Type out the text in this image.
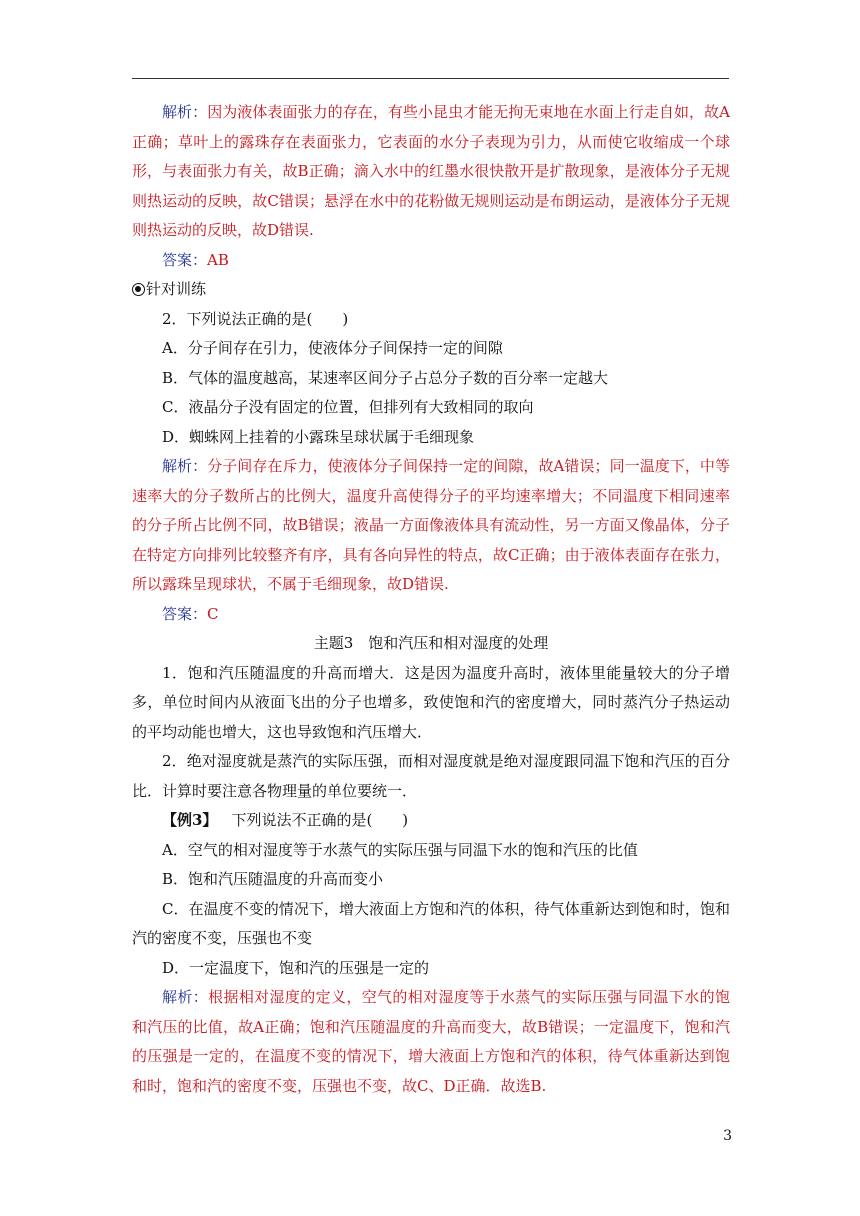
解析：因为液体表面张力的存在，有些小昆虫才能无拘无束地在水面上行走自如，故A正确；草叶上的露珠存在表面张力，它表面的水分子表现为引力，从而使它收缩成一个球形，与表面张力有关，故B正确；滴入水中的红墨水很快散开是扩散现象，是液体分子无规则热运动的反映，故C错误；悬浮在水中的花粉做无规则运动是布朗运动，是液体分子无规则热运动的反映，故D错误.

答案：AB

针对训练

2．下列说法正确的是(　　)

A．分子间存在引力，使液体分子间保持一定的间隙

B．气体的温度越高，某速率区间分子占总分子数的百分率一定越大

C．液晶分子没有固定的位置，但排列有大致相同的取向

D．蜘蛛网上挂着的小露珠呈球状属于毛细现象

解析：分子间存在斥力，使液体分子间保持一定的间隙，故A错误；同一温度下，中等速率大的分子数所占的比例大，温度升高使得分子的平均速率增大；不同温度下相同速率的分子所占比例不同，故B错误；液晶一方面像液体具有流动性，另一方面又像晶体，分子在特定方向排列比较整齐有序，具有各向异性的特点，故C正确；由于液体表面存在张力，所以露珠呈现球状，不属于毛细现象，故D错误.

答案：C

主题3　饱和汽压和相对湿度的处理

1．饱和汽压随温度的升高而增大．这是因为温度升高时，液体里能量较大的分子增多，单位时间内从液面飞出的分子也增多，致使饱和汽的密度增大，同时蒸汽分子热运动的平均动能也增大，这也导致饱和汽压增大．

2．绝对湿度就是蒸汽的实际压强，而相对湿度就是绝对湿度跟同温下饱和汽压的百分比．计算时要注意各物理量的单位要统一．

【例3】 下列说法不正确的是(　　)

A．空气的相对湿度等于水蒸气的实际压强与同温下水的饱和汽压的比值

B．饱和汽压随温度的升高而变小

C．在温度不变的情况下，增大液面上方饱和汽的体积，待气体重新达到饱和时，饱和汽的密度不变，压强也不变

D．一定温度下，饱和汽的压强是一定的

解析：根据相对湿度的定义，空气的相对湿度等于水蒸气的实际压强与同温下水的饱和汽压的比值，故A正确；饱和汽压随温度的升高而变大，故B错误；一定温度下，饱和汽的压强是一定的，在温度不变的情况下，增大液面上方饱和汽的体积，待气体重新达到饱和时，饱和汽的密度不变，压强也不变，故C、D正确．故选B.

3
